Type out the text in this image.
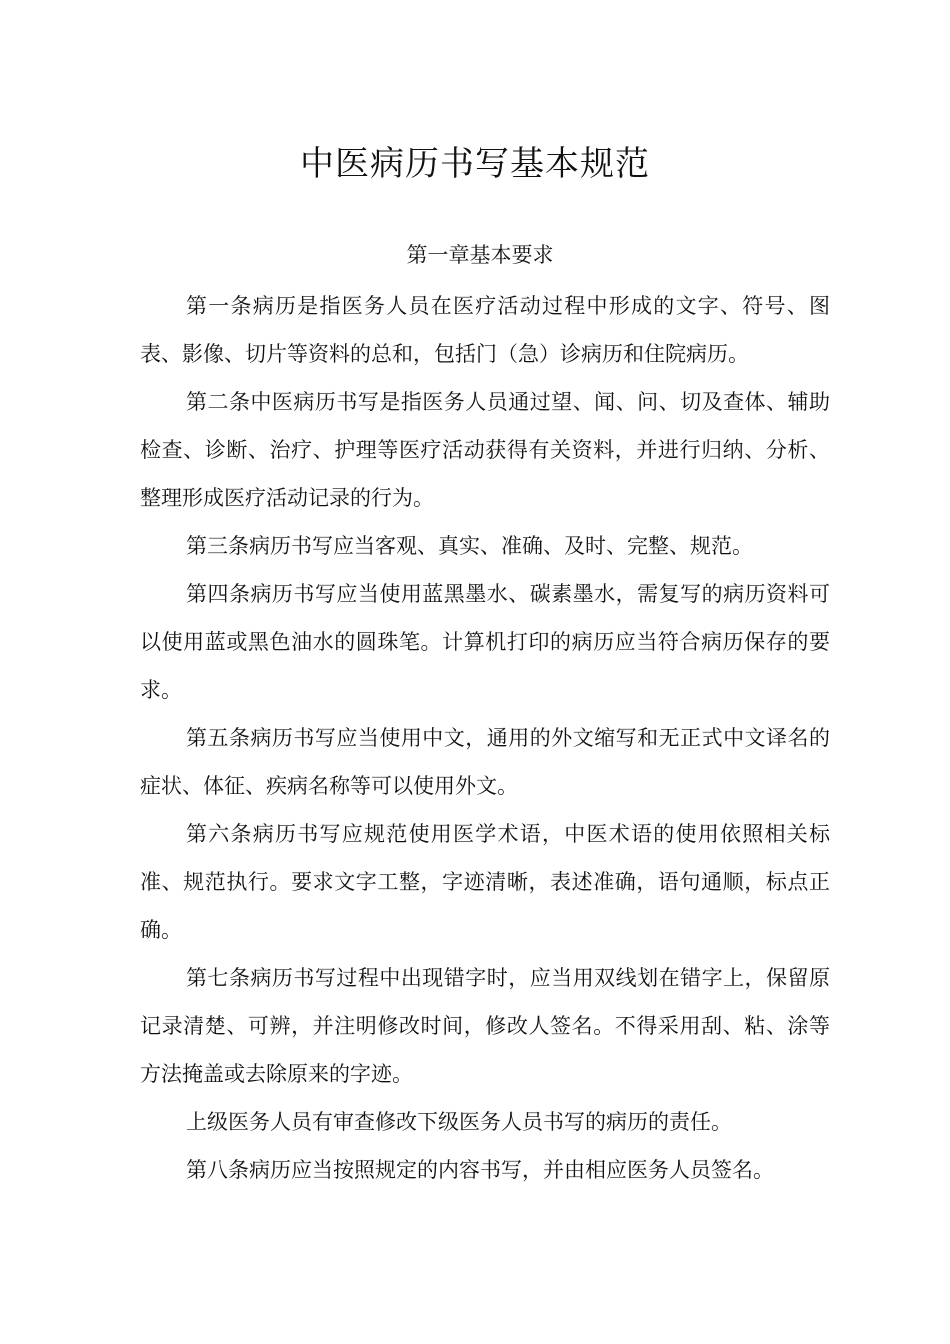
中医病历书写基本规范
第一章基本要求

第一条病历是指医务人员在医疗活动过程中形成的文字、符号、图表、影像、切片等资料的总和，包括门（急）诊病历和住院病历。

第二条中医病历书写是指医务人员通过望、闻、问、切及查体、辅助检查、诊断、治疗、护理等医疗活动获得有关资料，并进行归纳、分析、整理形成医疗活动记录的行为。

第三条病历书写应当客观、真实、准确、及时、完整、规范。

第四条病历书写应当使用蓝黑墨水、碳素墨水，需复写的病历资料可以使用蓝或黑色油水的圆珠笔。计算机打印的病历应当符合病历保存的要求。

第五条病历书写应当使用中文，通用的外文缩写和无正式中文译名的症状、体征、疾病名称等可以使用外文。

第六条病历书写应规范使用医学术语，中医术语的使用依照相关标准、规范执行。要求文字工整，字迹清晰，表述准确，语句通顺，标点正确。

第七条病历书写过程中出现错字时，应当用双线划在错字上，保留原记录清楚、可辨，并注明修改时间，修改人签名。不得采用刮、粘、涂等方法掩盖或去除原来的字迹。

上级医务人员有审查修改下级医务人员书写的病历的责任。

第八条病历应当按照规定的内容书写，并由相应医务人员签名。
